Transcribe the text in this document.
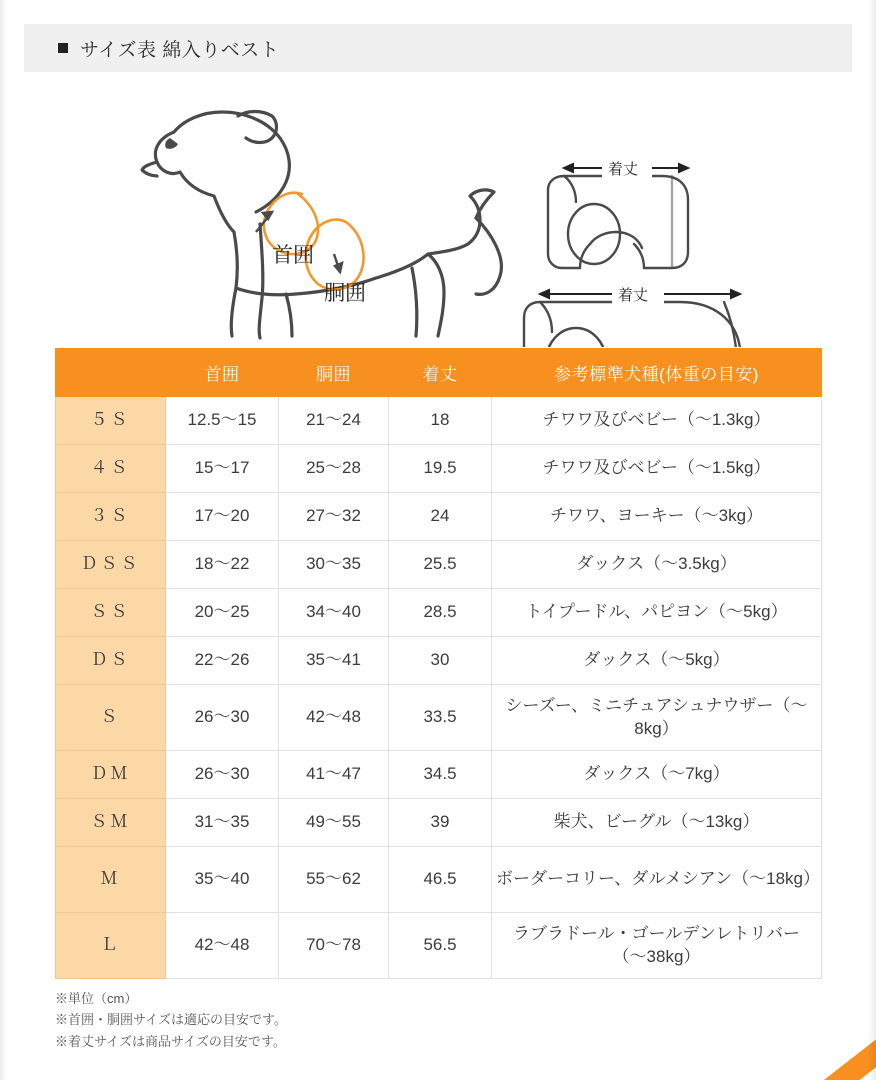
サイズ表 綿入りベスト
首囲
胴囲
着丈
着丈
	首囲	胴囲	着丈	参考標準犬種(体重の目安)
５Ｓ	12.5〜15	21〜24	18	チワワ及びベビー（〜1.3kg）
４Ｓ	15〜17	25〜28	19.5	チワワ及びベビー（〜1.5kg）
３Ｓ	17〜20	27〜32	24	チワワ、ヨーキー（〜3kg）
ＤＳＳ	18〜22	30〜35	25.5	ダックス（〜3.5kg）
ＳＳ	20〜25	34〜40	28.5	トイプードル、パピヨン（〜5kg）
ＤＳ	22〜26	35〜41	30	ダックス（〜5kg）
Ｓ	26〜30	42〜48	33.5	シーズー、ミニチュアシュナウザー（〜8kg）
ＤＭ	26〜30	41〜47	34.5	ダックス（〜7kg）
ＳＭ	31〜35	49〜55	39	柴犬、ビーグル（〜13kg）
Ｍ	35〜40	55〜62	46.5	ボーダーコリー、ダルメシアン（〜18kg）
Ｌ	42〜48	70〜78	56.5	ラブラドール・ゴールデンレトリバー（〜38kg）
※単位（cm）
※首囲・胴囲サイズは適応の目安です。
※着丈サイズは商品サイズの目安です。
